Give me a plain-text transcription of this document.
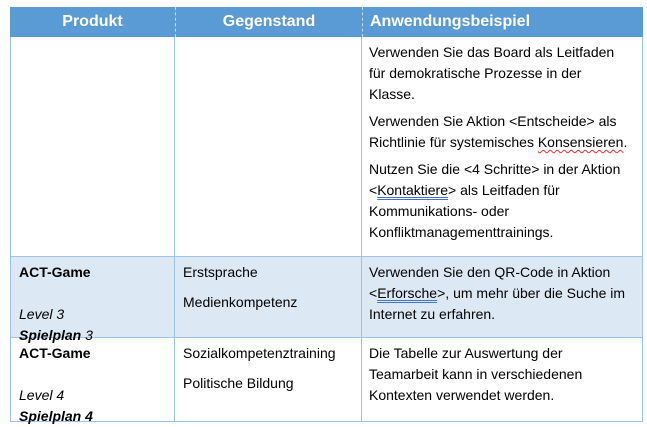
Produkt	Gegenstand	Anwendungsbeispiel
Verwenden Sie das Board als Leitfaden
für demokratische Prozesse in der
Klasse.
Verwenden Sie Aktion <Entscheide> als
Richtlinie für systemisches Konsensieren.
Nutzen Sie die <4 Schritte> in der Aktion
<Kontaktiere> als Leitfaden für
Kommunikations- oder
Konfliktmanagementtrainings.
ACT-Game
Level 3
Spielplan 3
Erstsprache
Medienkompetenz
Verwenden Sie den QR-Code in Aktion
<Erforsche>, um mehr über die Suche im
Internet zu erfahren.
ACT-Game
Level 4
Spielplan 4
Sozialkompetenztraining
Politische Bildung
Die Tabelle zur Auswertung der
Teamarbeit kann in verschiedenen
Kontexten verwendet werden.
